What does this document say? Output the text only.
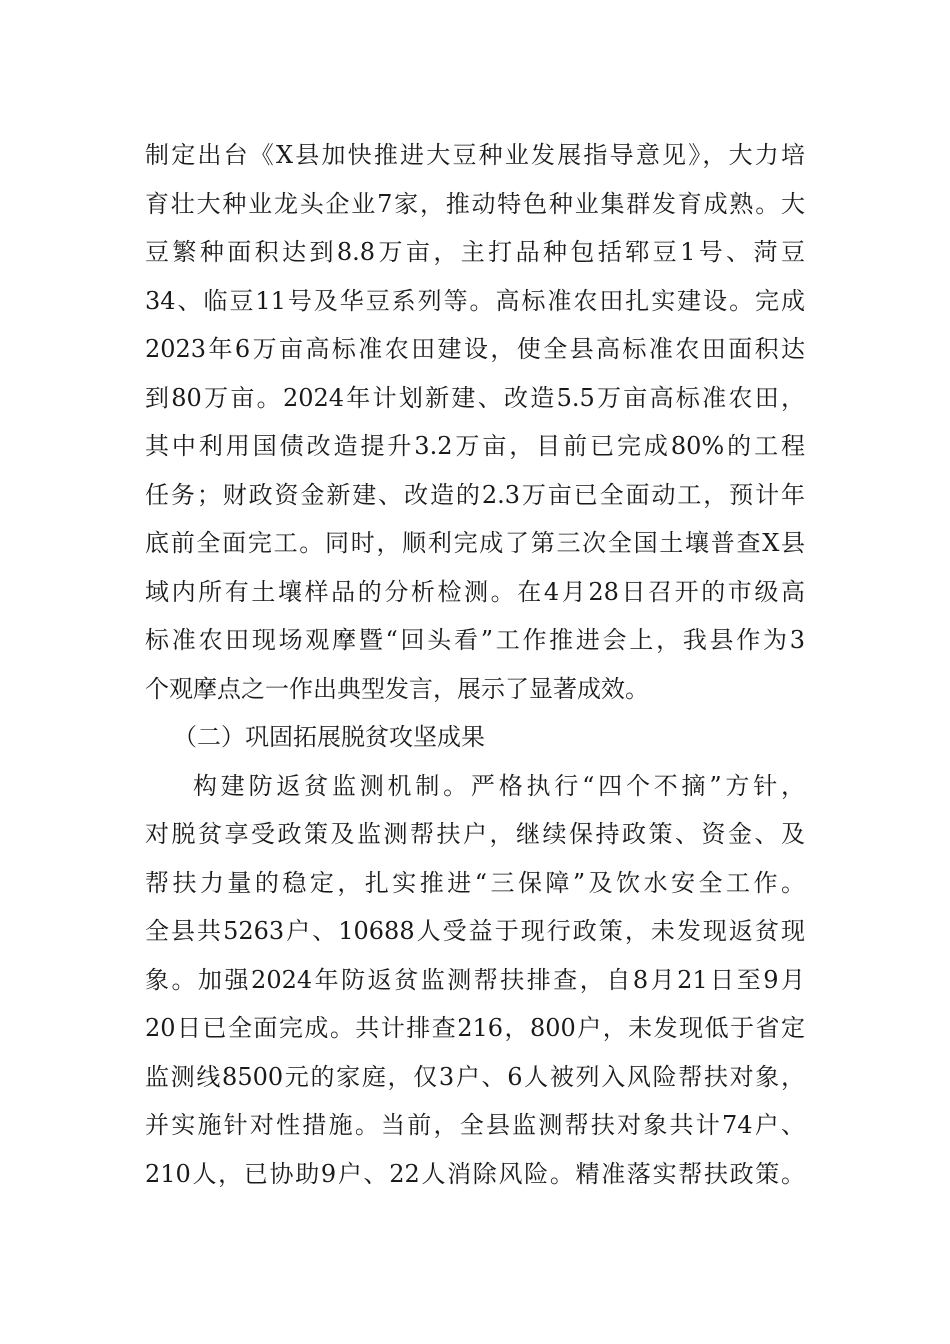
制定出台《X县加快推进大豆种业发展指导意见》，大力培
育壮大种业龙头企业7家，推动特色种业集群发育成熟。大
豆繁种面积达到8.8万亩，主打品种包括郓豆1号、菏豆
34、临豆11号及华豆系列等。高标准农田扎实建设。完成
2023年6万亩高标准农田建设，使全县高标准农田面积达
到80万亩。2024年计划新建、改造5.5万亩高标准农田，
其中利用国债改造提升3.2万亩，目前已完成80%的工程
任务；财政资金新建、改造的2.3万亩已全面动工，预计年
底前全面完工。同时，顺利完成了第三次全国土壤普查X县
域内所有土壤样品的分析检测。在4月28日召开的市级高
标准农田现场观摩暨“回头看”工作推进会上，我县作为3
个观摩点之一作出典型发言，展示了显著成效。
（二）巩固拓展脱贫攻坚成果
构建防返贫监测机制。严格执行“四个不摘”方针，
对脱贫享受政策及监测帮扶户，继续保持政策、资金、及
帮扶力量的稳定，扎实推进“三保障”及饮水安全工作。
全县共5263户、10688人受益于现行政策，未发现返贫现
象。加强2024年防返贫监测帮扶排查，自8月21日至9月
20日已全面完成。共计排查216，800户，未发现低于省定
监测线8500元的家庭，仅3户、6人被列入风险帮扶对象，
并实施针对性措施。当前，全县监测帮扶对象共计74户、
210人，已协助9户、22人消除风险。精准落实帮扶政策。
